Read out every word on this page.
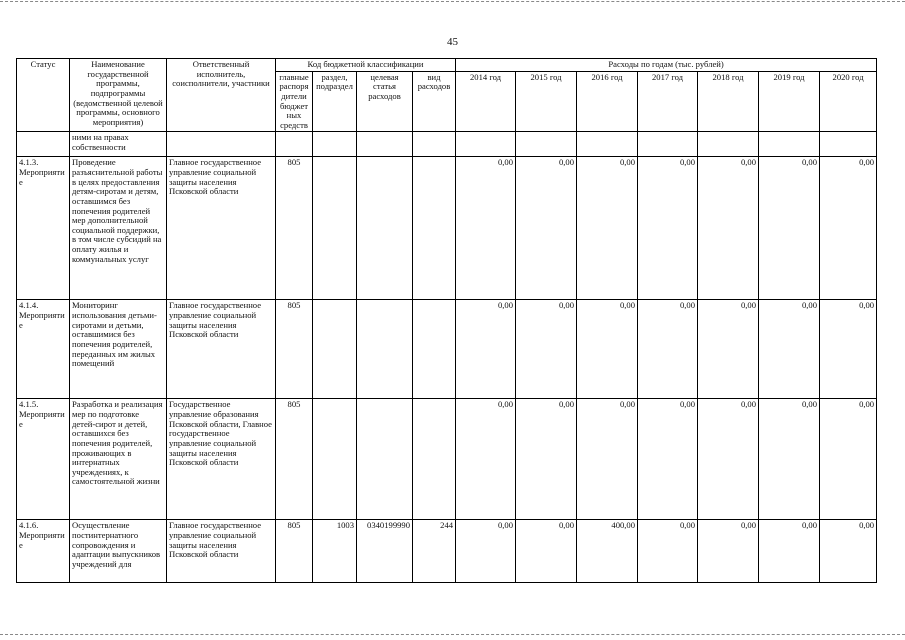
45
Статус	Наименование государственной программы, подпрограммы (ведомственной целевой программы, основного мероприятия)	Ответственный исполнитель, соисполнители, участники	Код бюджетной классификации				Расходы по годам (тыс. рублей)						
			главные распоря дители бюджет ных средств	раздел, подраздел	целевая статья расходов	вид расходов	2014 год	2015 год	2016 год	2017 год	2018 год	2019 год	2020 год
	ними на правах собственности												
4.1.3. Мероприятие	Проведение разъяснительной работы в целях предоставления детям-сиротам и детям, оставшимся без попечения родителей мер дополнительной социальной поддержки, в том числе субсидий на оплату жилья и коммунальных услуг	Главное государственное управление социальной защиты населения Псковской области	805				0,00	0,00	0,00	0,00	0,00	0,00	0,00
4.1.4. Мероприятие	Мониторинг использования детьми-сиротами и детьми, оставшимися без попечения родителей, переданных им жилых помещений	Главное государственное управление социальной защиты населения Псковской области	805				0,00	0,00	0,00	0,00	0,00	0,00	0,00
4.1.5. Мероприятие	Разработка и реализация мер по подготовке детей-сирот и детей, оставшихся без попечения родителей, проживающих в интернатных учреждениях, к самостоятельной жизни	Государственное управление образования Псковской области, Главное государственное управление социальной защиты населения Псковской области	805				0,00	0,00	0,00	0,00	0,00	0,00	0,00
4.1.6. Мероприятие	Осуществление постинтернатного сопровождения и адаптации выпускников учреждений для	Главное государственное управление социальной защиты населения Псковской области	805	1003	0340199990	244	0,00	0,00	400,00	0,00	0,00	0,00	0,00
